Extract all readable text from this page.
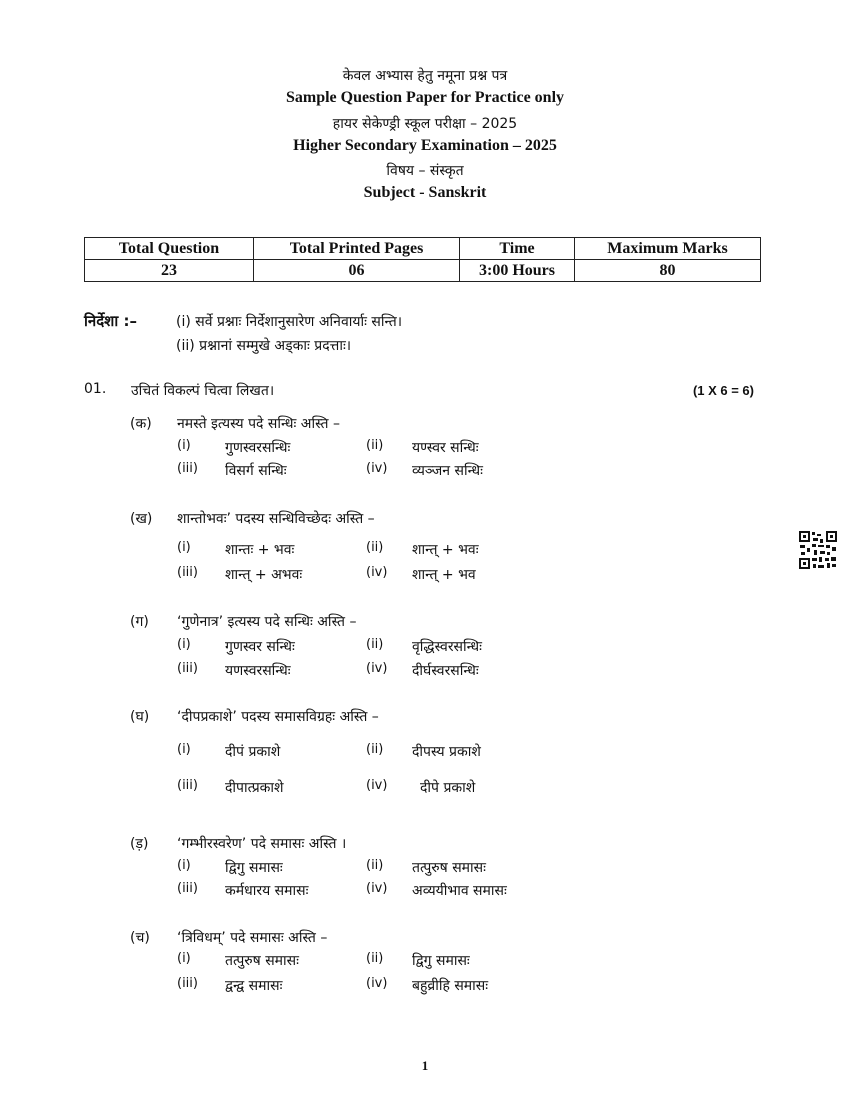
केवल अभ्यास हेतु नमूना प्रश्न पत्र
Sample Question Paper for Practice only
हायर सेकेण्ड्री स्कूल परीक्षा – 2025
Higher Secondary Examination – 2025
विषय – संस्कृत
Subject - Sanskrit
Total Question	Total Printed Pages	Time	Maximum Marks
23	06	3:00 Hours	80
निर्देशा :–	(i) सर्वे प्रश्नाः निर्देशानुसारेण अनिवार्याः सन्ति।
(ii) प्रश्नानां सम्मुखे अड्काः प्रदत्ताः।
01. उचितं विकल्पं चित्वा लिखत।	(1 X 6 = 6)
(क) नमस्ते इत्यस्य पदे सन्धिः अस्ति –
(i) गुणस्वरसन्धिः	(ii) यण्स्वर सन्धिः
(iii) विसर्ग सन्धिः	(iv) व्यञ्जन सन्धिः
(ख) शान्तोभवः’ पदस्य सन्धिविच्छेदः अस्ति –
(i) शान्तः + भवः	(ii) शान्त् + भवः
(iii) शान्त् + अभवः	(iv) शान्त् + भव
(ग) ‘गुणेनात्र’ इत्यस्य पदे सन्धिः अस्ति –
(i) गुणस्वर सन्धिः	(ii) वृद्धिस्वरसन्धिः
(iii) यणस्वरसन्धिः	(iv) दीर्घस्वरसन्धिः
(घ) ‘दीपप्रकाशे’ पदस्य समासविग्रहः अस्ति –
(i) दीपं प्रकाशे	(ii) दीपस्य प्रकाशे
(iii) दीपात्प्रकाशे	(iv) दीपे प्रकाशे
(ड़) ‘गम्भीरस्वरेण’ पदे समासः अस्ति ।
(i) द्विगु समासः	(ii) तत्पुरुष समासः
(iii) कर्मधारय समासः	(iv) अव्ययीभाव समासः
(च) ‘त्रिविधम्’ पदे समासः अस्ति –
(i) तत्पुरुष समासः	(ii) द्विगु समासः
(iii) द्वन्द्व समासः	(iv) बहुव्रीहि समासः
1
